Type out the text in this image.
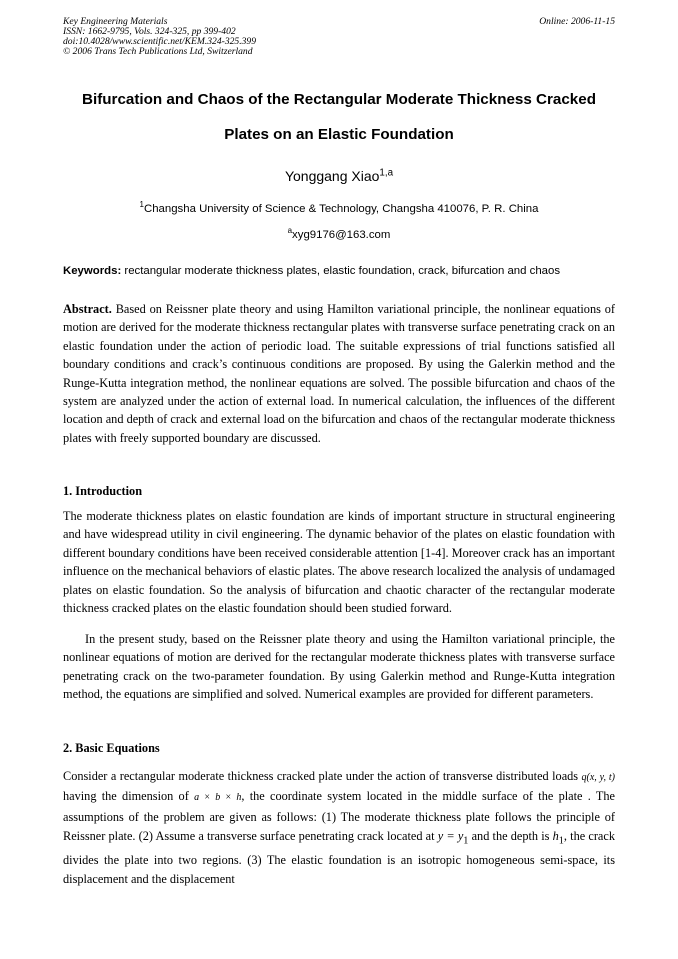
Key Engineering Materials
ISSN: 1662-9795, Vols. 324-325, pp 399-402
doi:10.4028/www.scientific.net/KEM.324-325.399
© 2006 Trans Tech Publications Ltd, Switzerland
Online: 2006-11-15
Bifurcation and Chaos of the Rectangular Moderate Thickness Cracked
Plates on an Elastic Foundation
Yonggang Xiao$^{1,a}$
$^1$Changsha University of Science & Technology, Changsha 410076, P. R. China
$^a$xyg9176@163.com
Keywords: rectangular moderate thickness plates, elastic foundation, crack, bifurcation and chaos
Abstract. Based on Reissner plate theory and using Hamilton variational principle, the nonlinear equations of motion are derived for the moderate thickness rectangular plates with transverse surface penetrating crack on an elastic foundation under the action of periodic load. The suitable expressions of trial functions satisfied all boundary conditions and crack’s continuous conditions are proposed. By using the Galerkin method and the Runge-Kutta integration method, the nonlinear equations are solved. The possible bifurcation and chaos of the system are analyzed under the action of external load. In numerical calculation, the influences of the different location and depth of crack and external load on the bifurcation and chaos of the rectangular moderate thickness plates with freely supported boundary are discussed.
1. Introduction
The moderate thickness plates on elastic foundation are kinds of important structure in structural engineering and have widespread utility in civil engineering. The dynamic behavior of the plates on elastic foundation with different boundary conditions have been received considerable attention [1-4]. Moreover crack has an important influence on the mechanical behaviors of elastic plates. The above research localized the analysis of undamaged plates on elastic foundation. So the analysis of bifurcation and chaotic character of the rectangular moderate thickness cracked plates on the elastic foundation should been studied forward.
In the present study, based on the Reissner plate theory and using the Hamilton variational principle, the nonlinear equations of motion are derived for the rectangular moderate thickness plates with transverse surface penetrating crack on the two-parameter foundation. By using Galerkin method and Runge-Kutta integration method, the equations are simplified and solved. Numerical examples are provided for different parameters.
2. Basic Equations
Consider a rectangular moderate thickness cracked plate under the action of transverse distributed loads q(x, y, t) having the dimension of a × b × h, the coordinate system located in the middle surface of the plate . The assumptions of the problem are given as follows: (1) The moderate thickness plate follows the principle of Reissner plate. (2) Assume a transverse surface penetrating crack located at $y = y_1$ and the depth is $h_1$, the crack divides the plate into two regions. (3) The elastic foundation is an isotropic homogeneous semi-space, its displacement and the displacement
